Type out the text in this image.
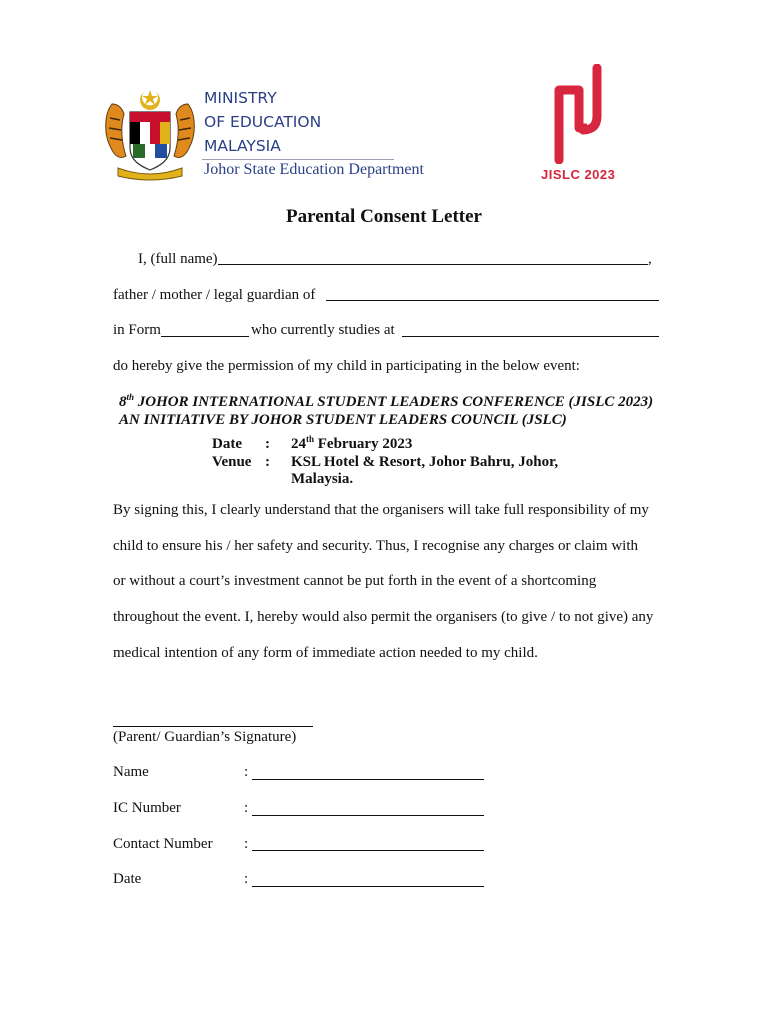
MINISTRY
OF EDUCATION
MALAYSIA
Johor State Education Department	JISLC 2023
Parental Consent Letter
I, (full name)	,
father / mother / legal guardian of
in Form	who currently studies at
do hereby give the permission of my child in participating in the below event:
8th JOHOR INTERNATIONAL STUDENT LEADERS CONFERENCE (JISLC 2023)
AN INITIATIVE BY JOHOR STUDENT LEADERS COUNCIL (JSLC)
Date : 24th February 2023
Venue : KSL Hotel & Resort, Johor Bahru, Johor,
Malaysia.
By signing this, I clearly understand that the organisers will take full responsibility of my
child to ensure his / her safety and security. Thus, I recognise any charges or claim with
or without a court’s investment cannot be put forth in the event of a shortcoming
throughout the event. I, hereby would also permit the organisers (to give / to not give) any
medical intention of any form of immediate action needed to my child.
(Parent/ Guardian’s Signature)
Name	:
IC Number	:
Contact Number :
Date	:
